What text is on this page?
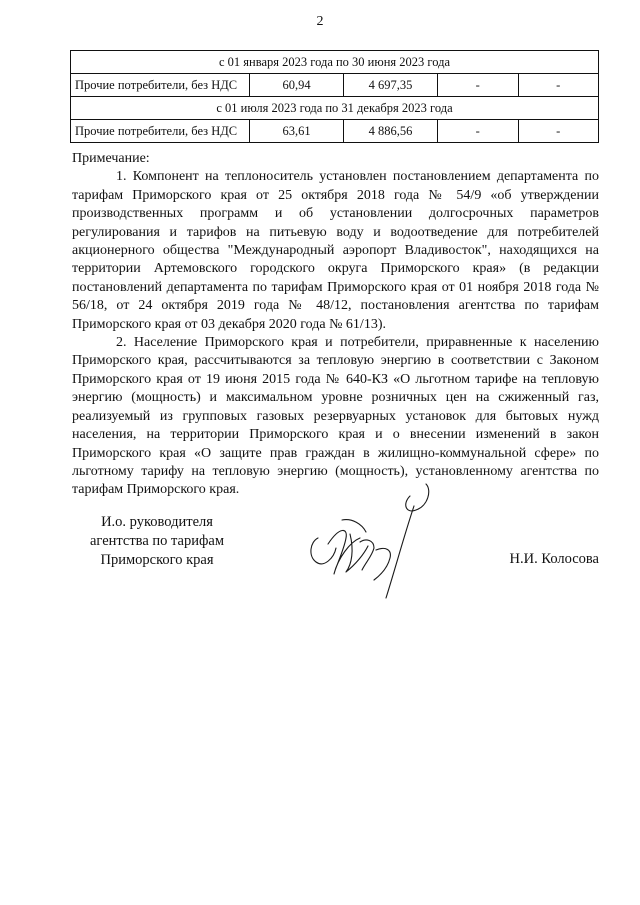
2
с 01 января 2023 года по 30 июня 2023 года				
Прочие потребители, без НДС	60,94	4 697,35	-	-
с 01 июля 2023 года по 31 декабря 2023 года				
Прочие потребители, без НДС	63,61	4 886,56	-	-

Примечание:

1. Компонент на теплоноситель установлен постановлением департамента по тарифам Приморского края от 25 октября 2018 года № 54/9 «об утверждении производственных программ и об установлении долгосрочных параметров регулирования и тарифов на питьевую воду и водоотведение для потребителей акционерного общества "Международный аэропорт Владивосток", находящихся на территории Артемовского городского округа Приморского края» (в редакции постановлений департамента по тарифам Приморского края от 01 ноября 2018 года № 56/18, от 24 октября 2019 года № 48/12, постановления агентства по тарифам Приморского края от 03 декабря 2020 года № 61/13).

2. Население Приморского края и потребители, приравненные к населению Приморского края, рассчитываются за тепловую энергию в соответствии с Законом Приморского края от 19 июня 2015 года № 640-КЗ «О льготном тарифе на тепловую энергию (мощность) и максимальном уровне розничных цен на сжиженный газ, реализуемый из групповых газовых резервуарных установок для бытовых нужд населения, на территории Приморского края и о внесении изменений в закон Приморского края «О защите прав граждан в жилищно-коммунальной сфере» по льготному тарифу на тепловую энергию (мощность), установленному агентства по тарифам Приморского края.

И.о. руководителя
агентства по тарифам
Приморского края	Н.И. Колосова
